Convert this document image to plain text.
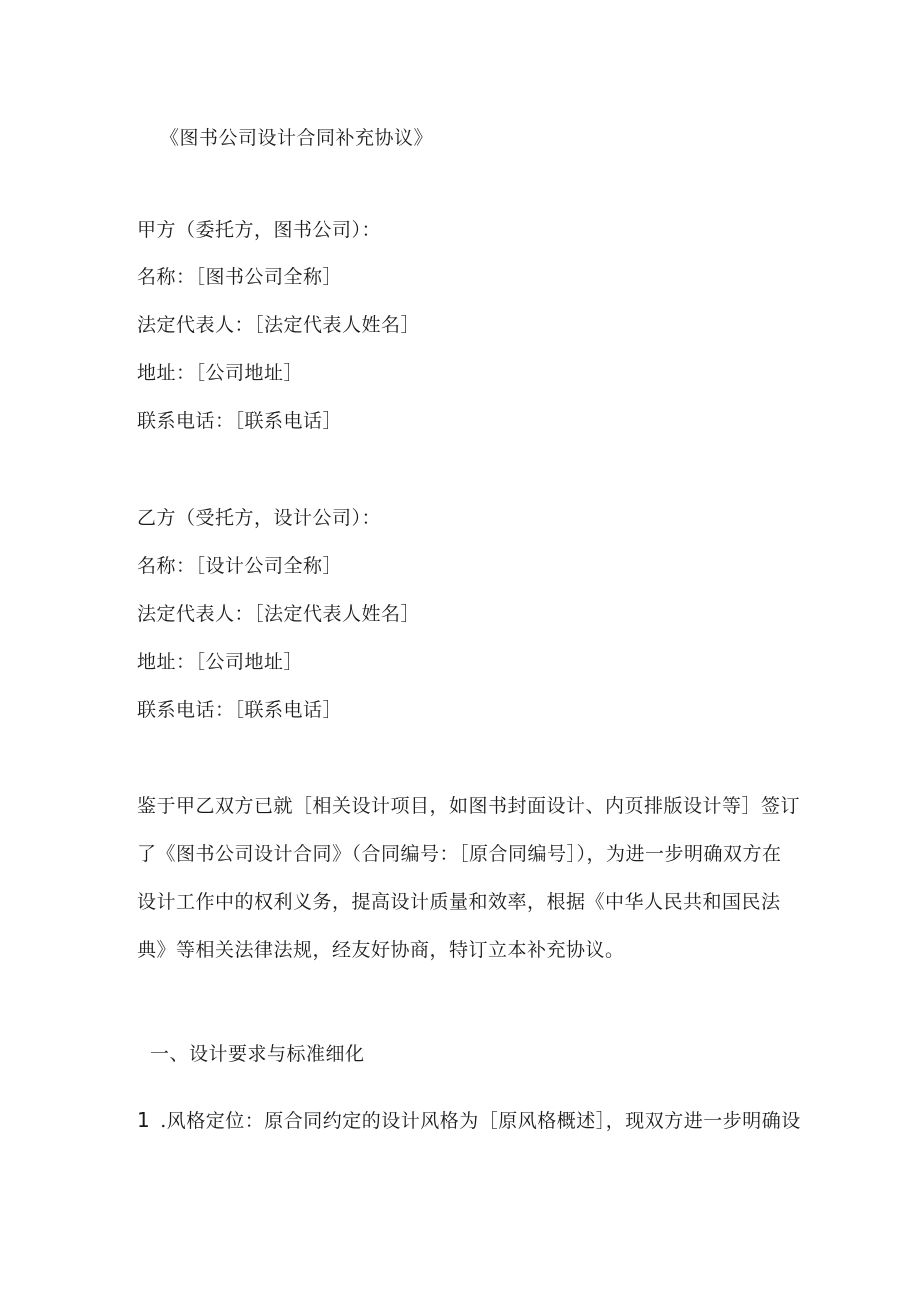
《图书公司设计合同补充协议》
甲方（委托方，图书公司）：
名称：［图书公司全称］
法定代表人：［法定代表人姓名］
地址：［公司地址］
联系电话：［联系电话］
乙方（受托方，设计公司）：
名称：［设计公司全称］
法定代表人：［法定代表人姓名］
地址：［公司地址］
联系电话：［联系电话］
鉴于甲乙双方已就［相关设计项目，如图书封面设计、内页排版设计等］签订
了《图书公司设计合同》（合同编号：［原合同编号］），为进一步明确双方在
设计工作中的权利义务，提高设计质量和效率，根据《中华人民共和国民法
典》等相关法律法规，经友好协商，特订立本补充协议。
一、设计要求与标准细化
1 .风格定位：原合同约定的设计风格为［原风格概述］，现双方进一步明确设
